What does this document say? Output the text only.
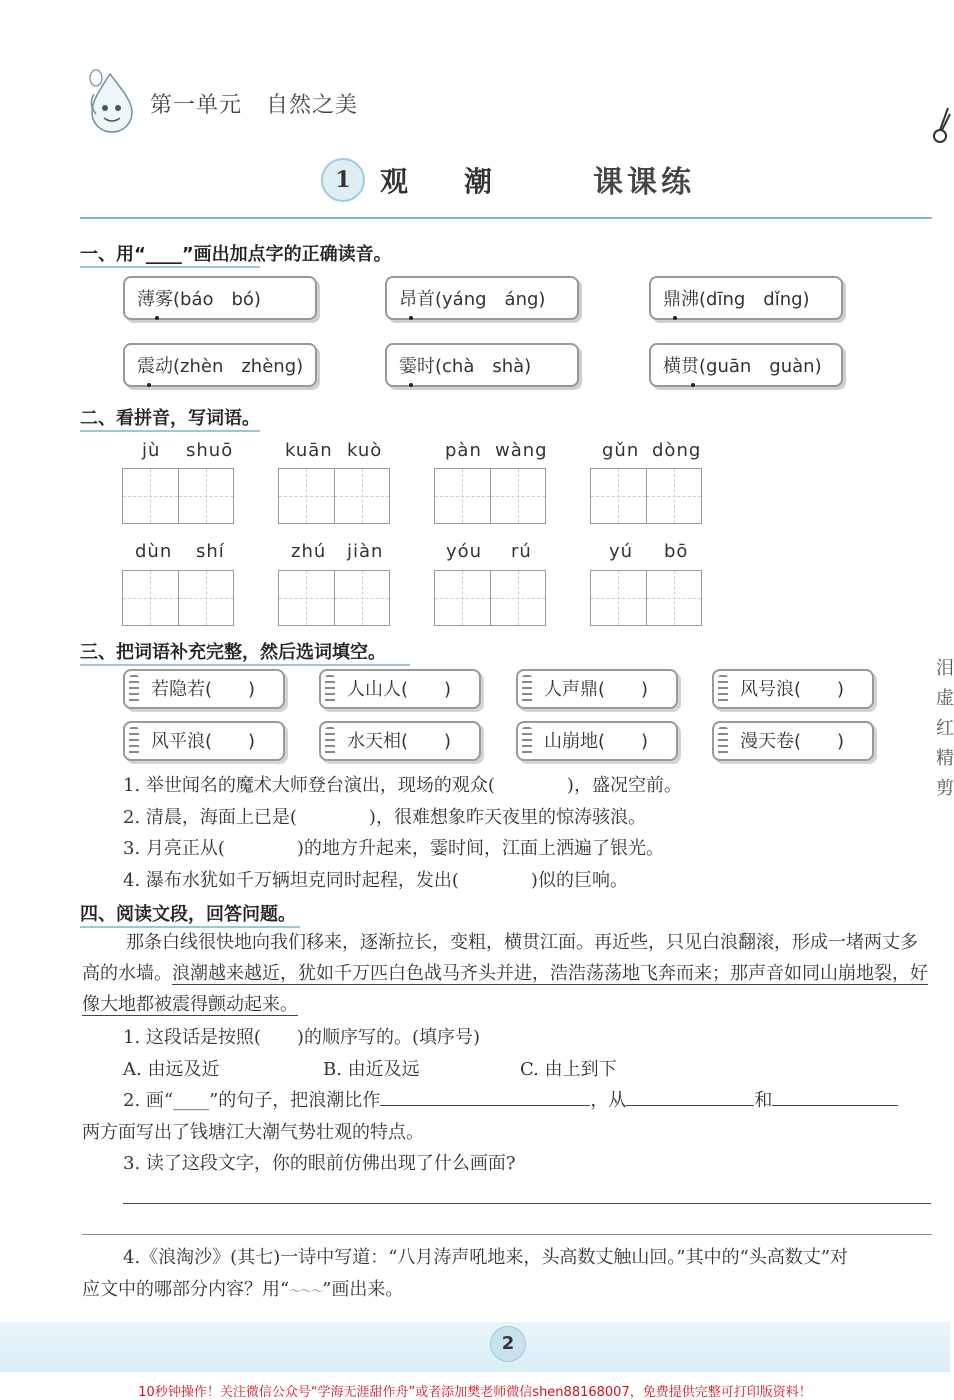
第一单元 自然之美
1	观潮 课课练
一、用“____”画出加点字的正确读音。
薄雾(báo　bó)	昂首(yáng　áng)	鼎沸(dīng　dǐng)
震动(zhèn　zhèng)	霎时(chà　shà)	横贯(guān　guàn)
二、看拼音，写词语。
jù shuō	kuān kuò	pàn wàng	gǔn dòng
dùn shí	zhú jiàn	yóu rú	yú bō
三、把词语补充完整，然后选词填空。
若隐若(　　)	人山人(　　)	人声鼎(　　)	风号浪(　　)
风平浪(　　)	水天相(　　)	山崩地(　　)	漫天卷(　　)
1. 举世闻名的魔术大师登台演出，现场的观众(　　　　)，盛况空前。
2. 清晨，海面上已是(　　　　)，很难想象昨天夜里的惊涛骇浪。
3. 月亮正从(　　　　)的地方升起来，霎时间，江面上洒遍了银光。
4. 瀑布水犹如千万辆坦克同时起程，发出(　　　　)似的巨响。
四、阅读文段，回答问题。
那条白线很快地向我们移来，逐渐拉长，变粗，横贯江面。再近些，只见白浪翻滚，形成一堵两丈多高的水墙。浪潮越来越近，犹如千万匹白色战马齐头并进，浩浩荡荡地飞奔而来；那声音如同山崩地裂，好像大地都被震得颤动起来。
1. 这段话是按照(　　)的顺序写的。(填序号)
A. 由远及近	B. 由近及远	C. 由上到下
2. 画“____”的句子，把浪潮比作	，从	和
两方面写出了钱塘江大潮气势壮观的特点。
3. 读了这段文字，你的眼前仿佛出现了什么画面?
4.《浪淘沙》(其七)一诗中写道：“八月涛声吼地来，头高数丈触山回。”其中的“头高数丈”对
应文中的哪部分内容？用“～～～”画出来。
2
10秒钟操作！关注微信公众号“学海无涯甜作舟”或者添加樊老师微信shen88168007，免费提供完整可打印版资料！
泪虚红精剪
